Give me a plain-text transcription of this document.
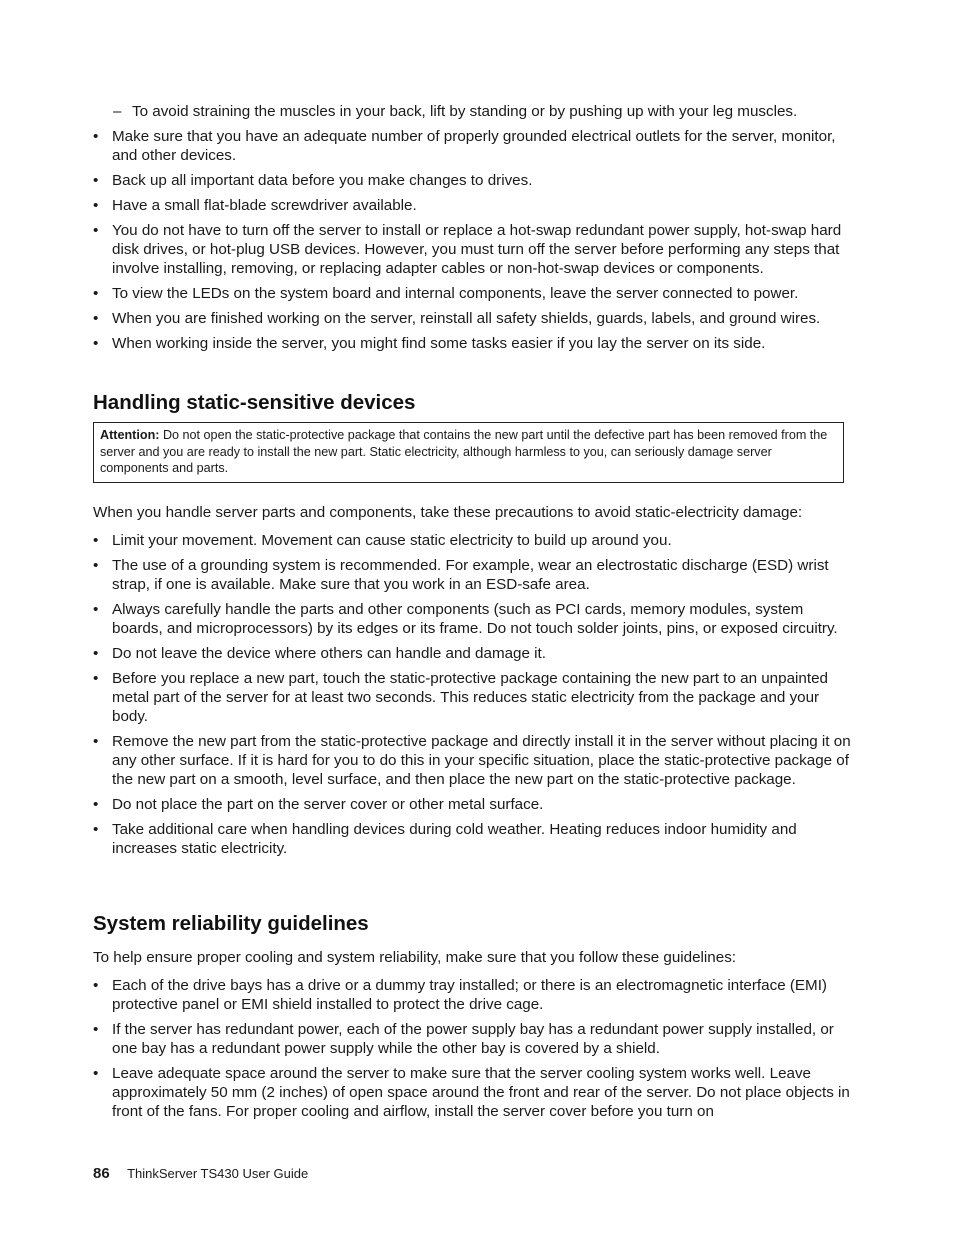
– To avoid straining the muscles in your back, lift by standing or by pushing up with your leg muscles.
• Make sure that you have an adequate number of properly grounded electrical outlets for the server, monitor, and other devices.
• Back up all important data before you make changes to drives.
• Have a small flat-blade screwdriver available.
• You do not have to turn off the server to install or replace a hot-swap redundant power supply, hot-swap hard disk drives, or hot-plug USB devices. However, you must turn off the server before performing any steps that involve installing, removing, or replacing adapter cables or non-hot-swap devices or components.
• To view the LEDs on the system board and internal components, leave the server connected to power.
• When you are finished working on the server, reinstall all safety shields, guards, labels, and ground wires.
• When working inside the server, you might find some tasks easier if you lay the server on its side.
Handling static-sensitive devices
Attention: Do not open the static-protective package that contains the new part until the defective part has been removed from the server and you are ready to install the new part. Static electricity, although harmless to you, can seriously damage server components and parts.

When you handle server parts and components, take these precautions to avoid static-electricity damage:

• Limit your movement. Movement can cause static electricity to build up around you.
• The use of a grounding system is recommended. For example, wear an electrostatic discharge (ESD) wrist strap, if one is available. Make sure that you work in an ESD-safe area.
• Always carefully handle the parts and other components (such as PCI cards, memory modules, system boards, and microprocessors) by its edges or its frame. Do not touch solder joints, pins, or exposed circuitry.
• Do not leave the device where others can handle and damage it.
• Before you replace a new part, touch the static-protective package containing the new part to an unpainted metal part of the server for at least two seconds. This reduces static electricity from the package and your body.
• Remove the new part from the static-protective package and directly install it in the server without placing it on any other surface. If it is hard for you to do this in your specific situation, place the static-protective package of the new part on a smooth, level surface, and then place the new part on the static-protective package.
• Do not place the part on the server cover or other metal surface.
• Take additional care when handling devices during cold weather. Heating reduces indoor humidity and increases static electricity.
System reliability guidelines

To help ensure proper cooling and system reliability, make sure that you follow these guidelines:

• Each of the drive bays has a drive or a dummy tray installed; or there is an electromagnetic interface (EMI) protective panel or EMI shield installed to protect the drive cage.
• If the server has redundant power, each of the power supply bay has a redundant power supply installed, or one bay has a redundant power supply while the other bay is covered by a shield.
• Leave adequate space around the server to make sure that the server cooling system works well. Leave approximately 50 mm (2 inches) of open space around the front and rear of the server. Do not place objects in front of the fans. For proper cooling and airflow, install the server cover before you turn on
86 ThinkServer TS430 User Guide
